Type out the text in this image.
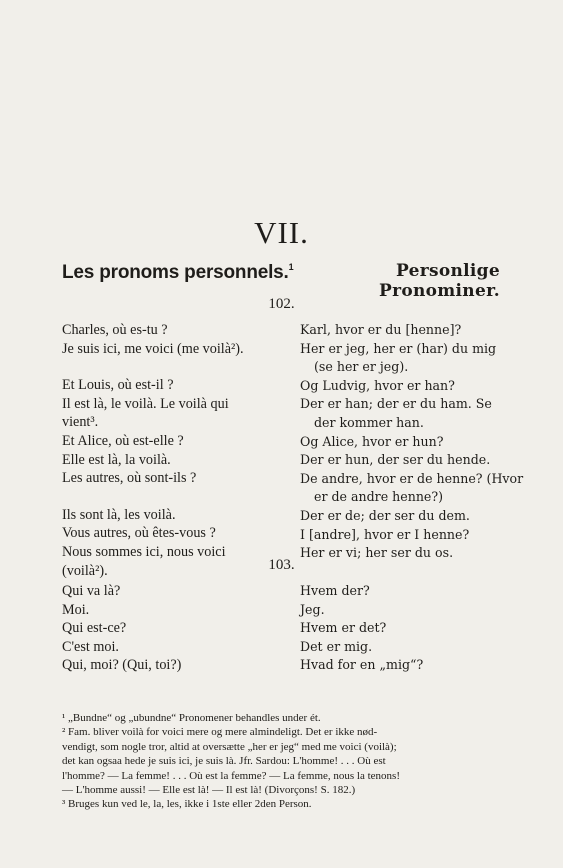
VII.
Les pronoms personnels.$^1$	Personlige Pronominer.
102.
Charles, où es-tu ?
Je suis ici, me voici (me voilà²).
Et Louis, où est-il ?
Il est là, le voilà. Le voilà qui
vient³.
Et Alice, où est-elle ?
Elle est là, la voilà.
Les autres, où sont-ils ?
Ils sont là, les voilà.
Vous autres, où êtes-vous ?
Nous sommes ici, nous voici
(voilà²).
Karl, hvor er du [henne]?
Her er jeg, her er (har) du mig
(se her er jeg).
Og Ludvig, hvor er han?
Der er han; der er du ham. Se
der kommer han.
Og Alice, hvor er hun?
Der er hun, der ser du hende.
De andre, hvor er de henne? (Hvor
er de andre henne?)
Der er de; der ser du dem.
I [andre], hvor er I henne?
Her er vi; her ser du os.
103.
Qui va là?
Moi.
Qui est-ce?
C'est moi.
Qui, moi? (Qui, toi?)
Hvem der?
Jeg.
Hvem er det?
Det er mig.
Hvad for en „mig“?
¹ „Bundne“ og „ubundne“ Pronomener behandles under ét.
² Fam. bliver voilà for voici mere og mere almindeligt. Det er ikke nød-
vendigt, som nogle tror, altid at oversætte „her er jeg“ med me voici (voilà);
det kan ogsaa hede je suis ici, je suis là. Jfr. Sardou: L'homme! . . . Où est
l'homme? — La femme! . . . Où est la femme? — La femme, nous la tenons!
— L'homme aussi! — Elle est là! — Il est là! (Divorçons! S. 182.)
³ Bruges kun ved le, la, les, ikke i 1ste eller 2den Person.
